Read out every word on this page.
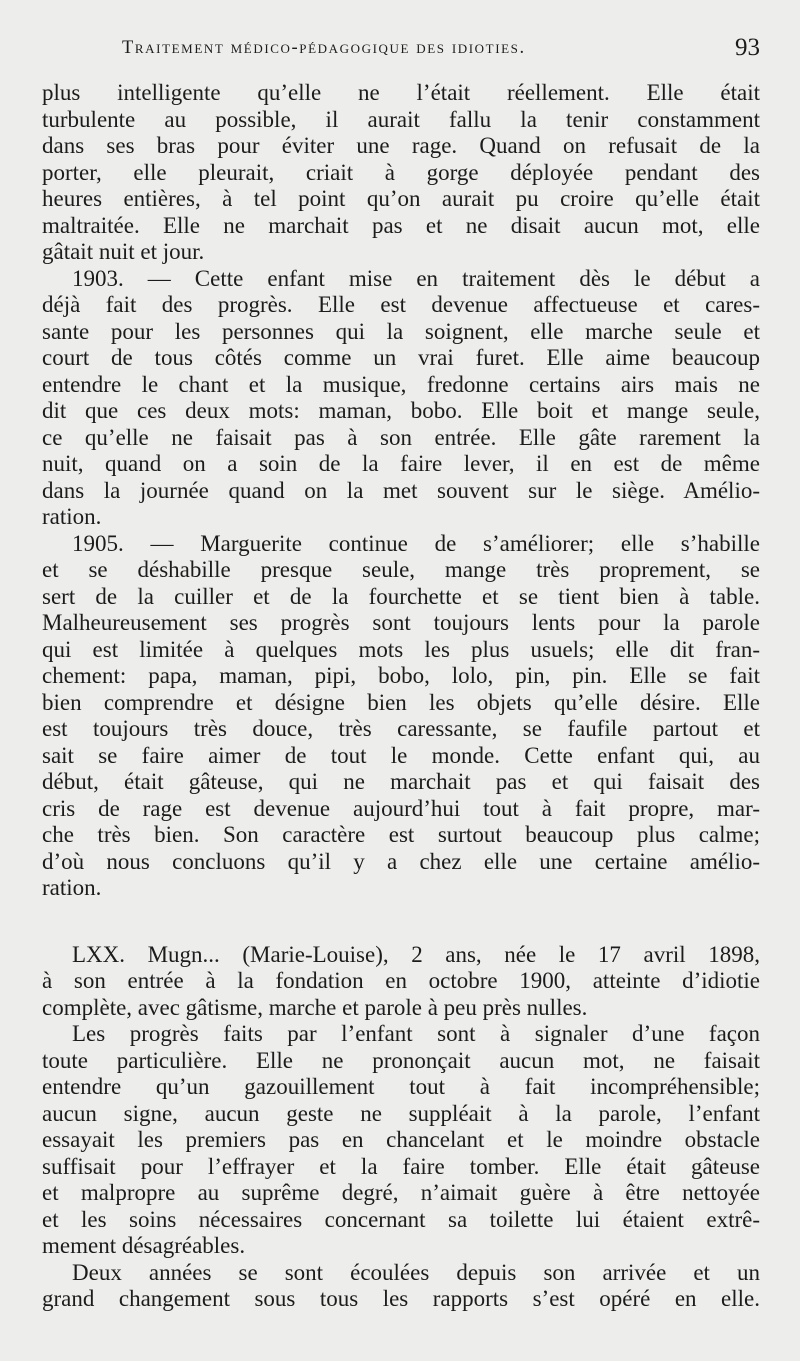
Traitement médico-pédagogique des idioties.	93
plus intelligente qu’elle ne l’était réellement. Elle était
turbulente au possible, il aurait fallu la tenir constamment
dans ses bras pour éviter une rage. Quand on refusait de la
porter, elle pleurait, criait à gorge déployée pendant des
heures entières, à tel point qu’on aurait pu croire qu’elle était
maltraitée. Elle ne marchait pas et ne disait aucun mot, elle
gâtait nuit et jour.
1903. — Cette enfant mise en traitement dès le début a
déjà fait des progrès. Elle est devenue affectueuse et cares-
sante pour les personnes qui la soignent, elle marche seule et
court de tous côtés comme un vrai furet. Elle aime beaucoup
entendre le chant et la musique, fredonne certains airs mais ne
dit que ces deux mots: maman, bobo. Elle boit et mange seule,
ce qu’elle ne faisait pas à son entrée. Elle gâte rarement la
nuit, quand on a soin de la faire lever, il en est de même
dans la journée quand on la met souvent sur le siège. Amélio-
ration.
1905. — Marguerite continue de s’améliorer; elle s’habille
et se déshabille presque seule, mange très proprement, se
sert de la cuiller et de la fourchette et se tient bien à table.
Malheureusement ses progrès sont toujours lents pour la parole
qui est limitée à quelques mots les plus usuels; elle dit fran-
chement: papa, maman, pipi, bobo, lolo, pin, pin. Elle se fait
bien comprendre et désigne bien les objets qu’elle désire. Elle
est toujours très douce, très caressante, se faufile partout et
sait se faire aimer de tout le monde. Cette enfant qui, au
début, était gâteuse, qui ne marchait pas et qui faisait des
cris de rage est devenue aujourd’hui tout à fait propre, mar-
che très bien. Son caractère est surtout beaucoup plus calme;
d’où nous concluons qu’il y a chez elle une certaine amélio-
ration.
LXX. Mugn... (Marie-Louise), 2 ans, née le 17 avril 1898,
à son entrée à la fondation en octobre 1900, atteinte d’idiotie
complète, avec gâtisme, marche et parole à peu près nulles.
Les progrès faits par l’enfant sont à signaler d’une façon
toute particulière. Elle ne prononçait aucun mot, ne faisait
entendre qu’un gazouillement tout à fait incompréhensible;
aucun signe, aucun geste ne suppléait à la parole, l’enfant
essayait les premiers pas en chancelant et le moindre obstacle
suffisait pour l’effrayer et la faire tomber. Elle était gâteuse
et malpropre au suprême degré, n’aimait guère à être nettoyée
et les soins nécessaires concernant sa toilette lui étaient extrê-
mement désagréables.
Deux années se sont écoulées depuis son arrivée et un
grand changement sous tous les rapports s’est opéré en elle.
